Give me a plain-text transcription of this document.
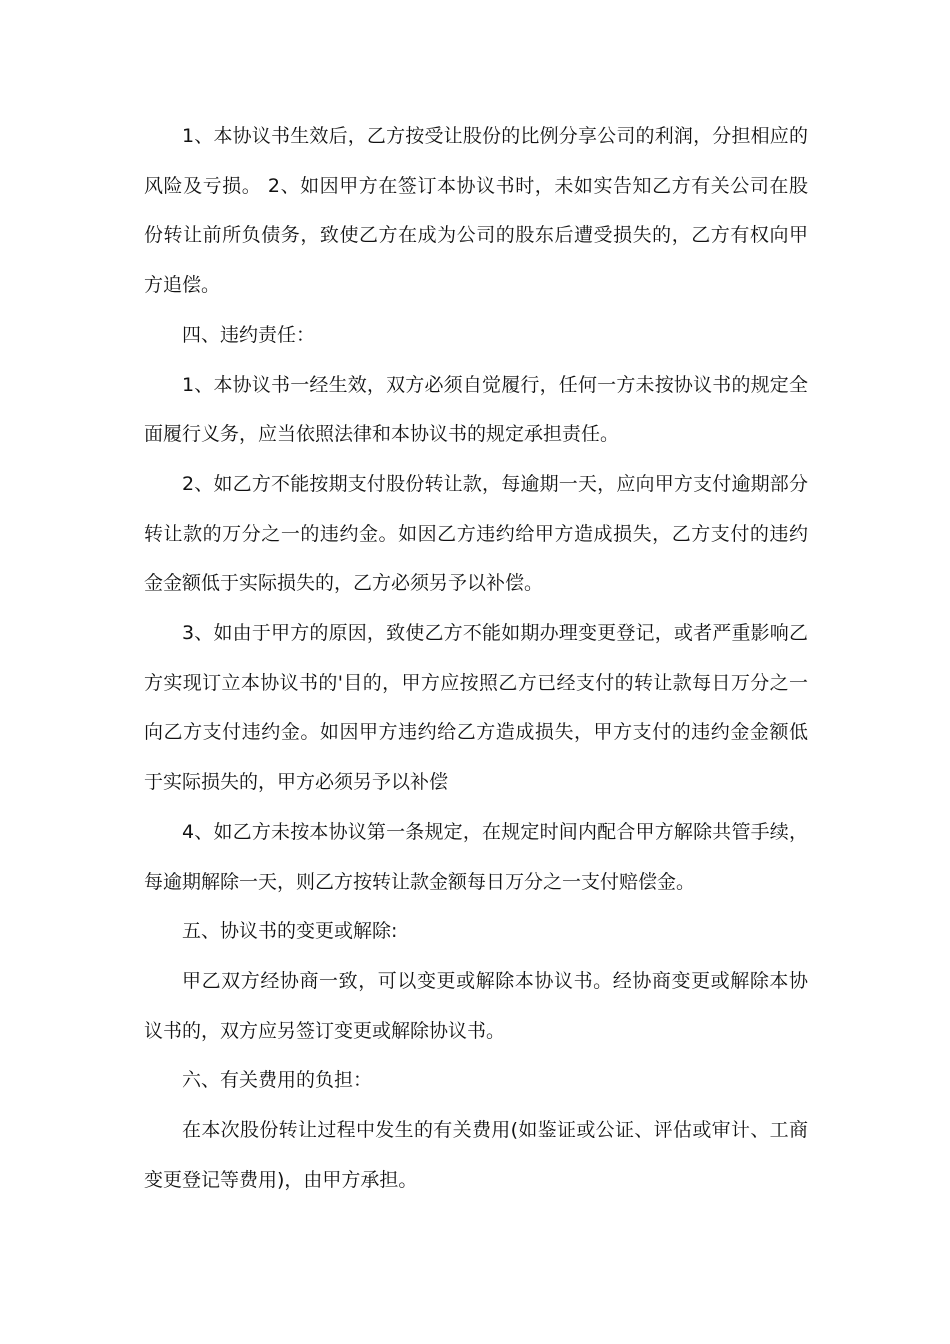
1、本协议书生效后，乙方按受让股份的比例分享公司的利润，分担相应的风险及亏损。 2、如因甲方在签订本协议书时，未如实告知乙方有关公司在股份转让前所负债务，致使乙方在成为公司的股东后遭受损失的，乙方有权向甲方追偿。

四、违约责任：

1、本协议书一经生效，双方必须自觉履行，任何一方未按协议书的规定全面履行义务，应当依照法律和本协议书的规定承担责任。

2、如乙方不能按期支付股份转让款，每逾期一天，应向甲方支付逾期部分转让款的万分之一的违约金。如因乙方违约给甲方造成损失，乙方支付的违约金金额低于实际损失的，乙方必须另予以补偿。

3、如由于甲方的原因，致使乙方不能如期办理变更登记，或者严重影响乙方实现订立本协议书的'目的，甲方应按照乙方已经支付的转让款每日万分之一向乙方支付违约金。如因甲方违约给乙方造成损失，甲方支付的违约金金额低于实际损失的，甲方必须另予以补偿

4、如乙方未按本协议第一条规定，在规定时间内配合甲方解除共管手续，每逾期解除一天，则乙方按转让款金额每日万分之一支付赔偿金。

五、协议书的变更或解除:

甲乙双方经协商一致，可以变更或解除本协议书。经协商变更或解除本协议书的，双方应另签订变更或解除协议书。

六、有关费用的负担：

在本次股份转让过程中发生的有关费用(如鉴证或公证、评估或审计、工商变更登记等费用)，由甲方承担。
